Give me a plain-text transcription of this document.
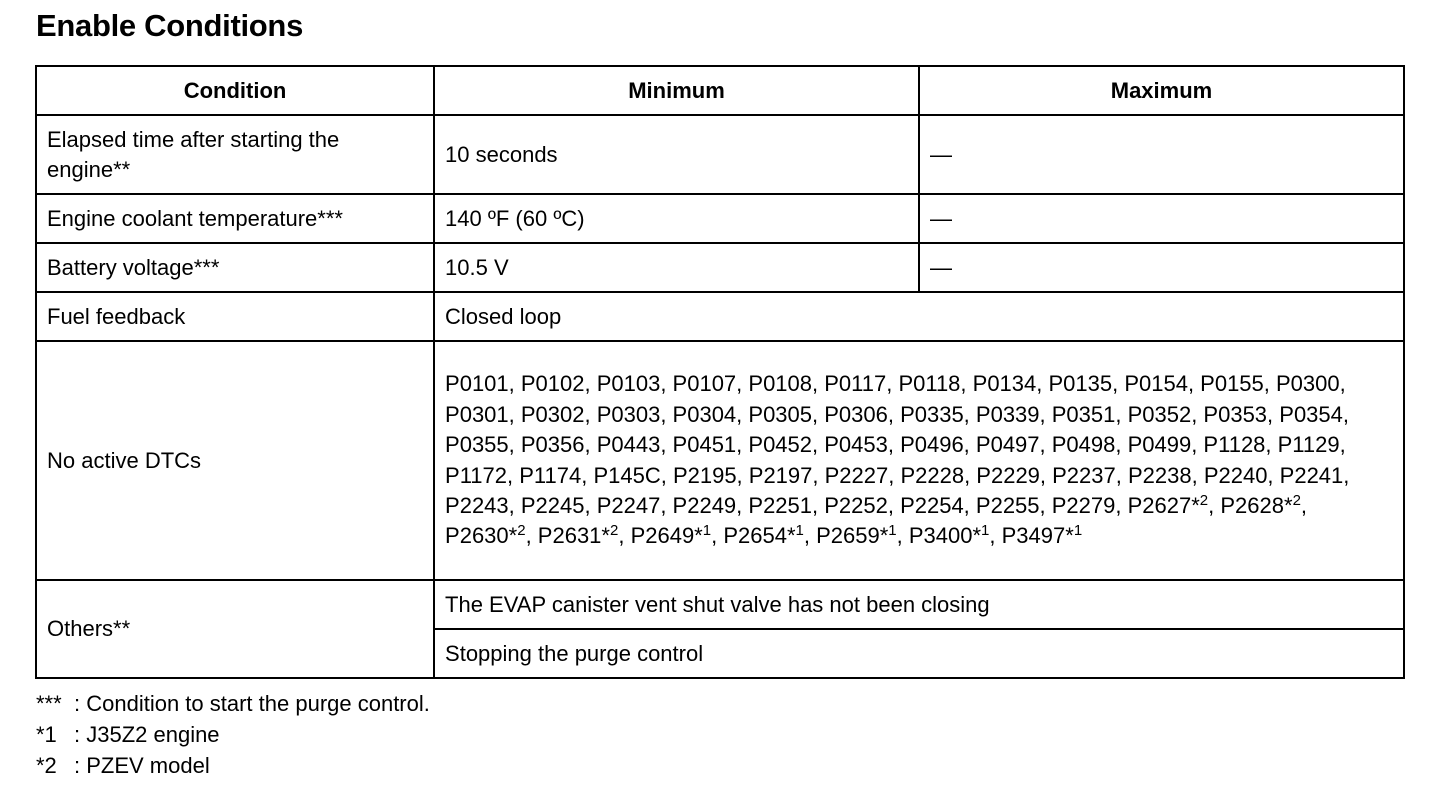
Enable Conditions
Condition	Minimum	Maximum
Elapsed time after starting the engine**	10 seconds	—
Engine coolant temperature***	140 ºF (60 ºC)	—
Battery voltage***	10.5 V	—
Fuel feedback	Closed loop	
No active DTCs	P0101, P0102, P0103, P0107, P0108, P0117, P0118, P0134, P0135, P0154, P0155, P0300, P0301, P0302, P0303, P0304, P0305, P0306, P0335, P0339, P0351, P0352, P0353, P0354, P0355, P0356, P0443, P0451, P0452, P0453, P0496, P0497, P0498, P0499, P1128, P1129, P1172, P1174, P145C, P2195, P2197, P2227, P2228, P2229, P2237, P2238, P2240, P2241, P2243, P2245, P2247, P2249, P2251, P2252, P2254, P2255, P2279, P2627*$^2$, P2628*$^2$, P2630*$^2$, P2631*$^2$, P2649*$^1$, P2654*$^1$, P2659*$^1$, P3400*$^1$, P3497*$^1$
Others**	The EVAP canister vent shut valve has not been closing	
	Stopping the purge control	
*** : Condition to start the purge control.
*1 : J35Z2 engine
*2 : PZEV model
